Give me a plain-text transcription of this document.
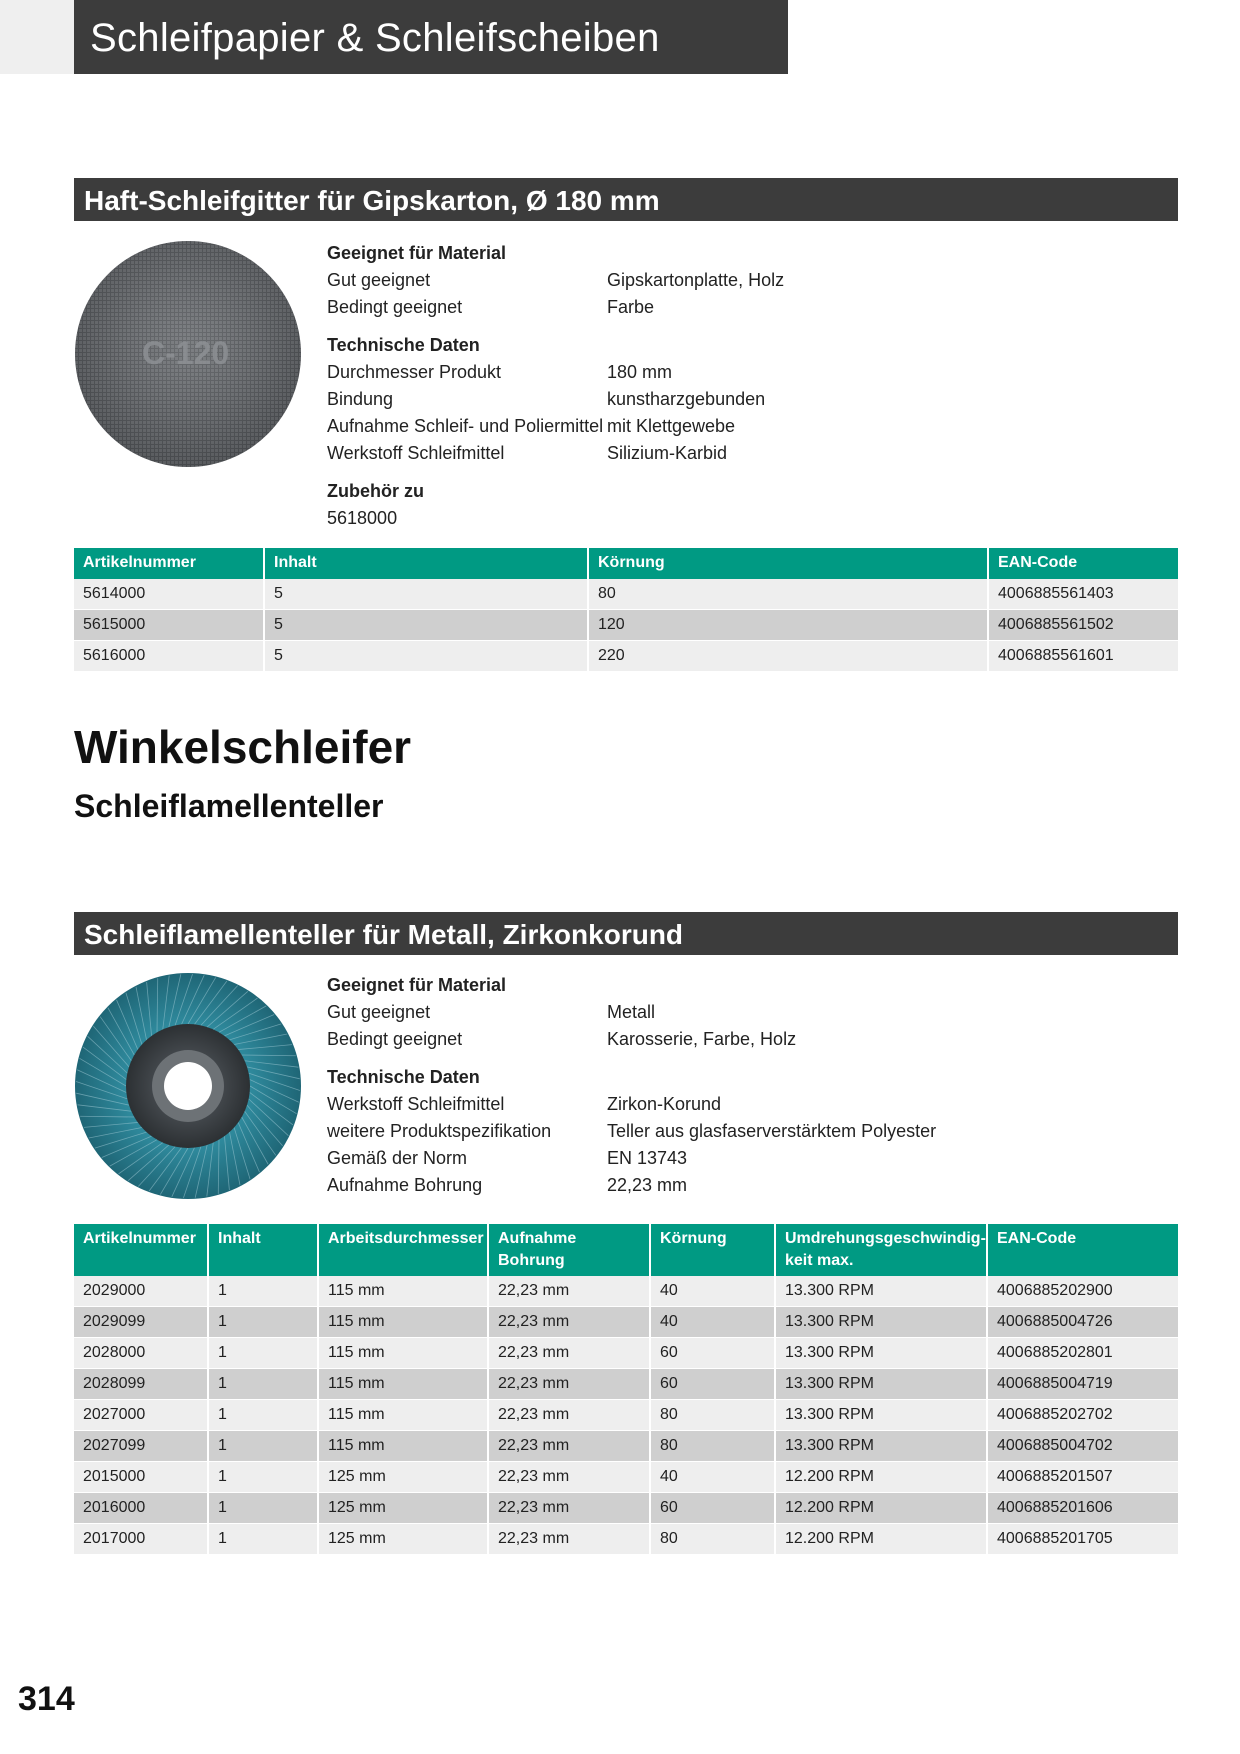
Schleifpapier & Schleifscheiben
Haft-Schleifgitter für Gipskarton, Ø 180 mm
C-120
Geeignet für Material
Gut geeignet	Gipskartonplatte, Holz
Bedingt geeignet	Farbe
Technische Daten
Durchmesser Produkt	180 mm
Bindung	kunstharzgebunden
Aufnahme Schleif- und Poliermittel mit Klettgewebe
Werkstoff Schleifmittel	Silizium-Karbid
Zubehör zu
5618000
Artikelnummer	Inhalt	Körnung	EAN-Code
5614000	5	80	4006885561403
5615000	5	120	4006885561502
5616000	5	220	4006885561601
Winkelschleifer
Schleiflamellenteller
Schleiflamellenteller für Metall, Zirkonkorund
Geeignet für Material
Gut geeignet	Metall
Bedingt geeignet	Karosserie, Farbe, Holz
Technische Daten
Werkstoff Schleifmittel	Zirkon-Korund
weitere Produktspezifikation	Teller aus glasfaserverstärktem Polyester
Gemäß der Norm	EN 13743
Aufnahme Bohrung	22,23 mm
Artikelnummer	Inhalt	Arbeitsdurchmesser	Aufnahme Bohrung	Körnung	Umdrehungsgeschwindig-
keit max.	EAN-Code
2029000	1	115 mm	22,23 mm	40	13.300 RPM	4006885202900
2029099	1	115 mm	22,23 mm	40	13.300 RPM	4006885004726
2028000	1	115 mm	22,23 mm	60	13.300 RPM	4006885202801
2028099	1	115 mm	22,23 mm	60	13.300 RPM	4006885004719
2027000	1	115 mm	22,23 mm	80	13.300 RPM	4006885202702
2027099	1	115 mm	22,23 mm	80	13.300 RPM	4006885004702
2015000	1	125 mm	22,23 mm	40	12.200 RPM	4006885201507
2016000	1	125 mm	22,23 mm	60	12.200 RPM	4006885201606
2017000	1	125 mm	22,23 mm	80	12.200 RPM	4006885201705
314
